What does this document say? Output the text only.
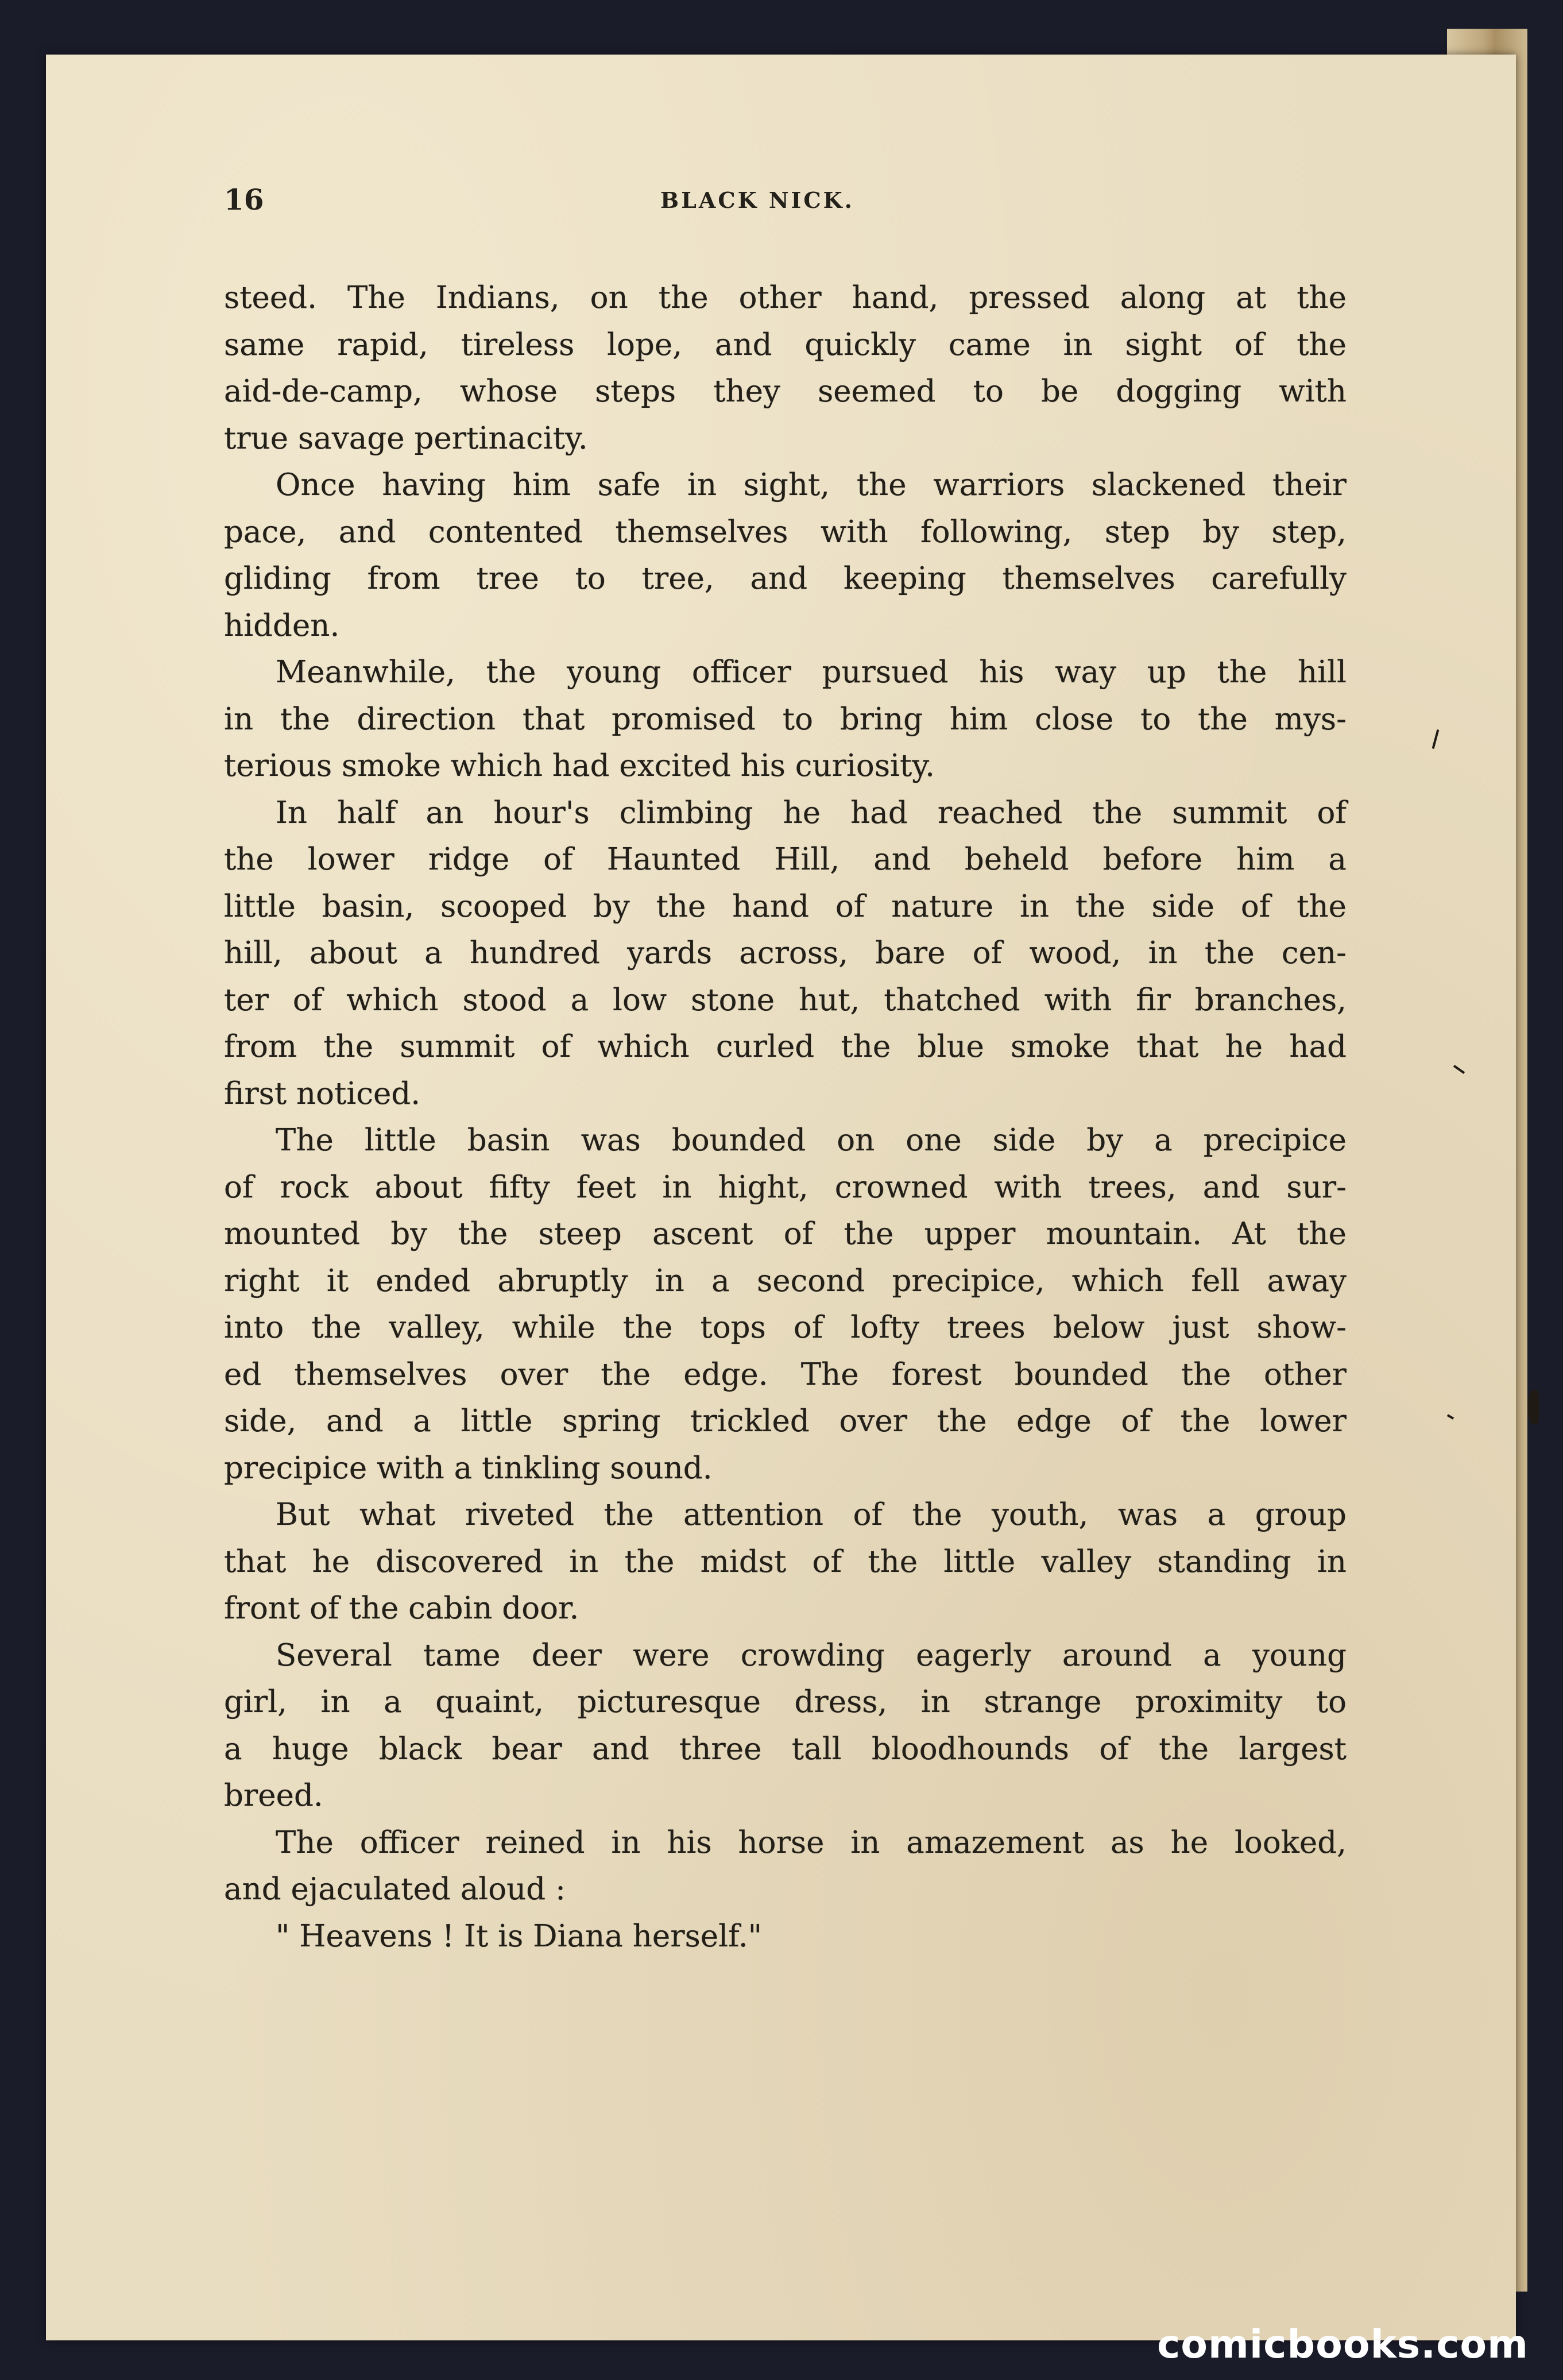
16	BLACK NICK.
steed. The Indians, on the other hand, pressed along at the
same rapid, tireless lope, and quickly came in sight of the
aid-de-camp, whose steps they seemed to be dogging with
true savage pertinacity.
Once having him safe in sight, the warriors slackened their
pace, and contented themselves with following, step by step,
gliding from tree to tree, and keeping themselves carefully
hidden.
Meanwhile, the young officer pursued his way up the hill
in the direction that promised to bring him close to the mys-
terious smoke which had excited his curiosity.
In half an hour's climbing he had reached the summit of
the lower ridge of Haunted Hill, and beheld before him a
little basin, scooped by the hand of nature in the side of the
hill, about a hundred yards across, bare of wood, in the cen-
ter of which stood a low stone hut, thatched with fir branches,
from the summit of which curled the blue smoke that he had
first noticed.
The little basin was bounded on one side by a precipice
of rock about fifty feet in hight, crowned with trees, and sur-
mounted by the steep ascent of the upper mountain. At the
right it ended abruptly in a second precipice, which fell away
into the valley, while the tops of lofty trees below just show-
ed themselves over the edge. The forest bounded the other
side, and a little spring trickled over the edge of the lower
precipice with a tinkling sound.
But what riveted the attention of the youth, was a group
that he discovered in the midst of the little valley standing in
front of the cabin door.
Several tame deer were crowding eagerly around a young
girl, in a quaint, picturesque dress, in strange proximity to
a huge black bear and three tall bloodhounds of the largest
breed.
The officer reined in his horse in amazement as he looked,
and ejaculated aloud :
" Heavens ! It is Diana herself."
comicbooks.com
